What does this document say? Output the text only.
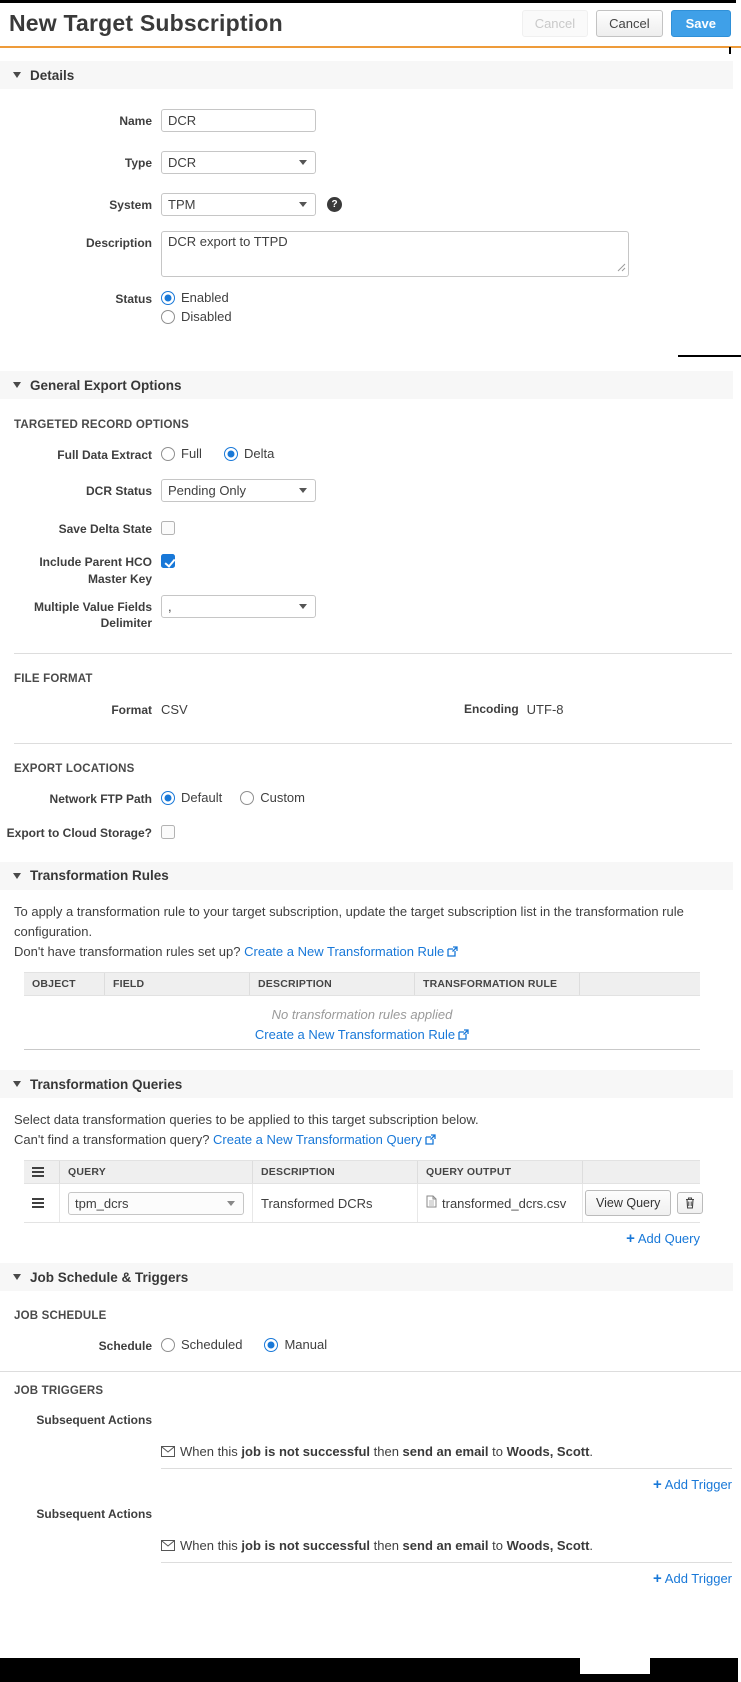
New Target Subscription	Cancel	Cancel	Save
Details
Name
DCR
Type DCR
System TPM
?
Description
DCR export to TTPD
Status Enabled
Disabled
General Export Options
TARGETED RECORD OPTIONS
Full Data Extract Full	Delta
DCR Status Pending Only
Save Delta State
Include Parent HCO Master Key
Multiple Value Fields Delimiter
,
FILE FORMAT
Format CSV	Encoding UTF-8
EXPORT LOCATIONS
Network FTP Path Default	Custom
Export to Cloud Storage?
Transformation Rules
To apply a transformation rule to your target subscription, update the target subscription list in the transformation rule configuration.
Don't have transformation rules set up? Create a New Transformation Rule
OBJECT	FIELD	DESCRIPTION	TRANSFORMATION RULE
No transformation rules applied
Create a New Transformation Rule
Transformation Queries
Select data transformation queries to be applied to this target subscription below.
Can't find a transformation query? Create a New Transformation Query
QUERY	DESCRIPTION	QUERY OUTPUT
tpm_dcrs	Transformed DCRs	transformed_dcrs.csv	View Query
+ Add Query
Job Schedule & Triggers
JOB SCHEDULE
Schedule Scheduled	Manual
JOB TRIGGERS
Subsequent Actions
When this job is not successful then send an email to Woods, Scott.
+ Add Trigger
Subsequent Actions
When this job is not successful then send an email to Woods, Scott.
+ Add Trigger
